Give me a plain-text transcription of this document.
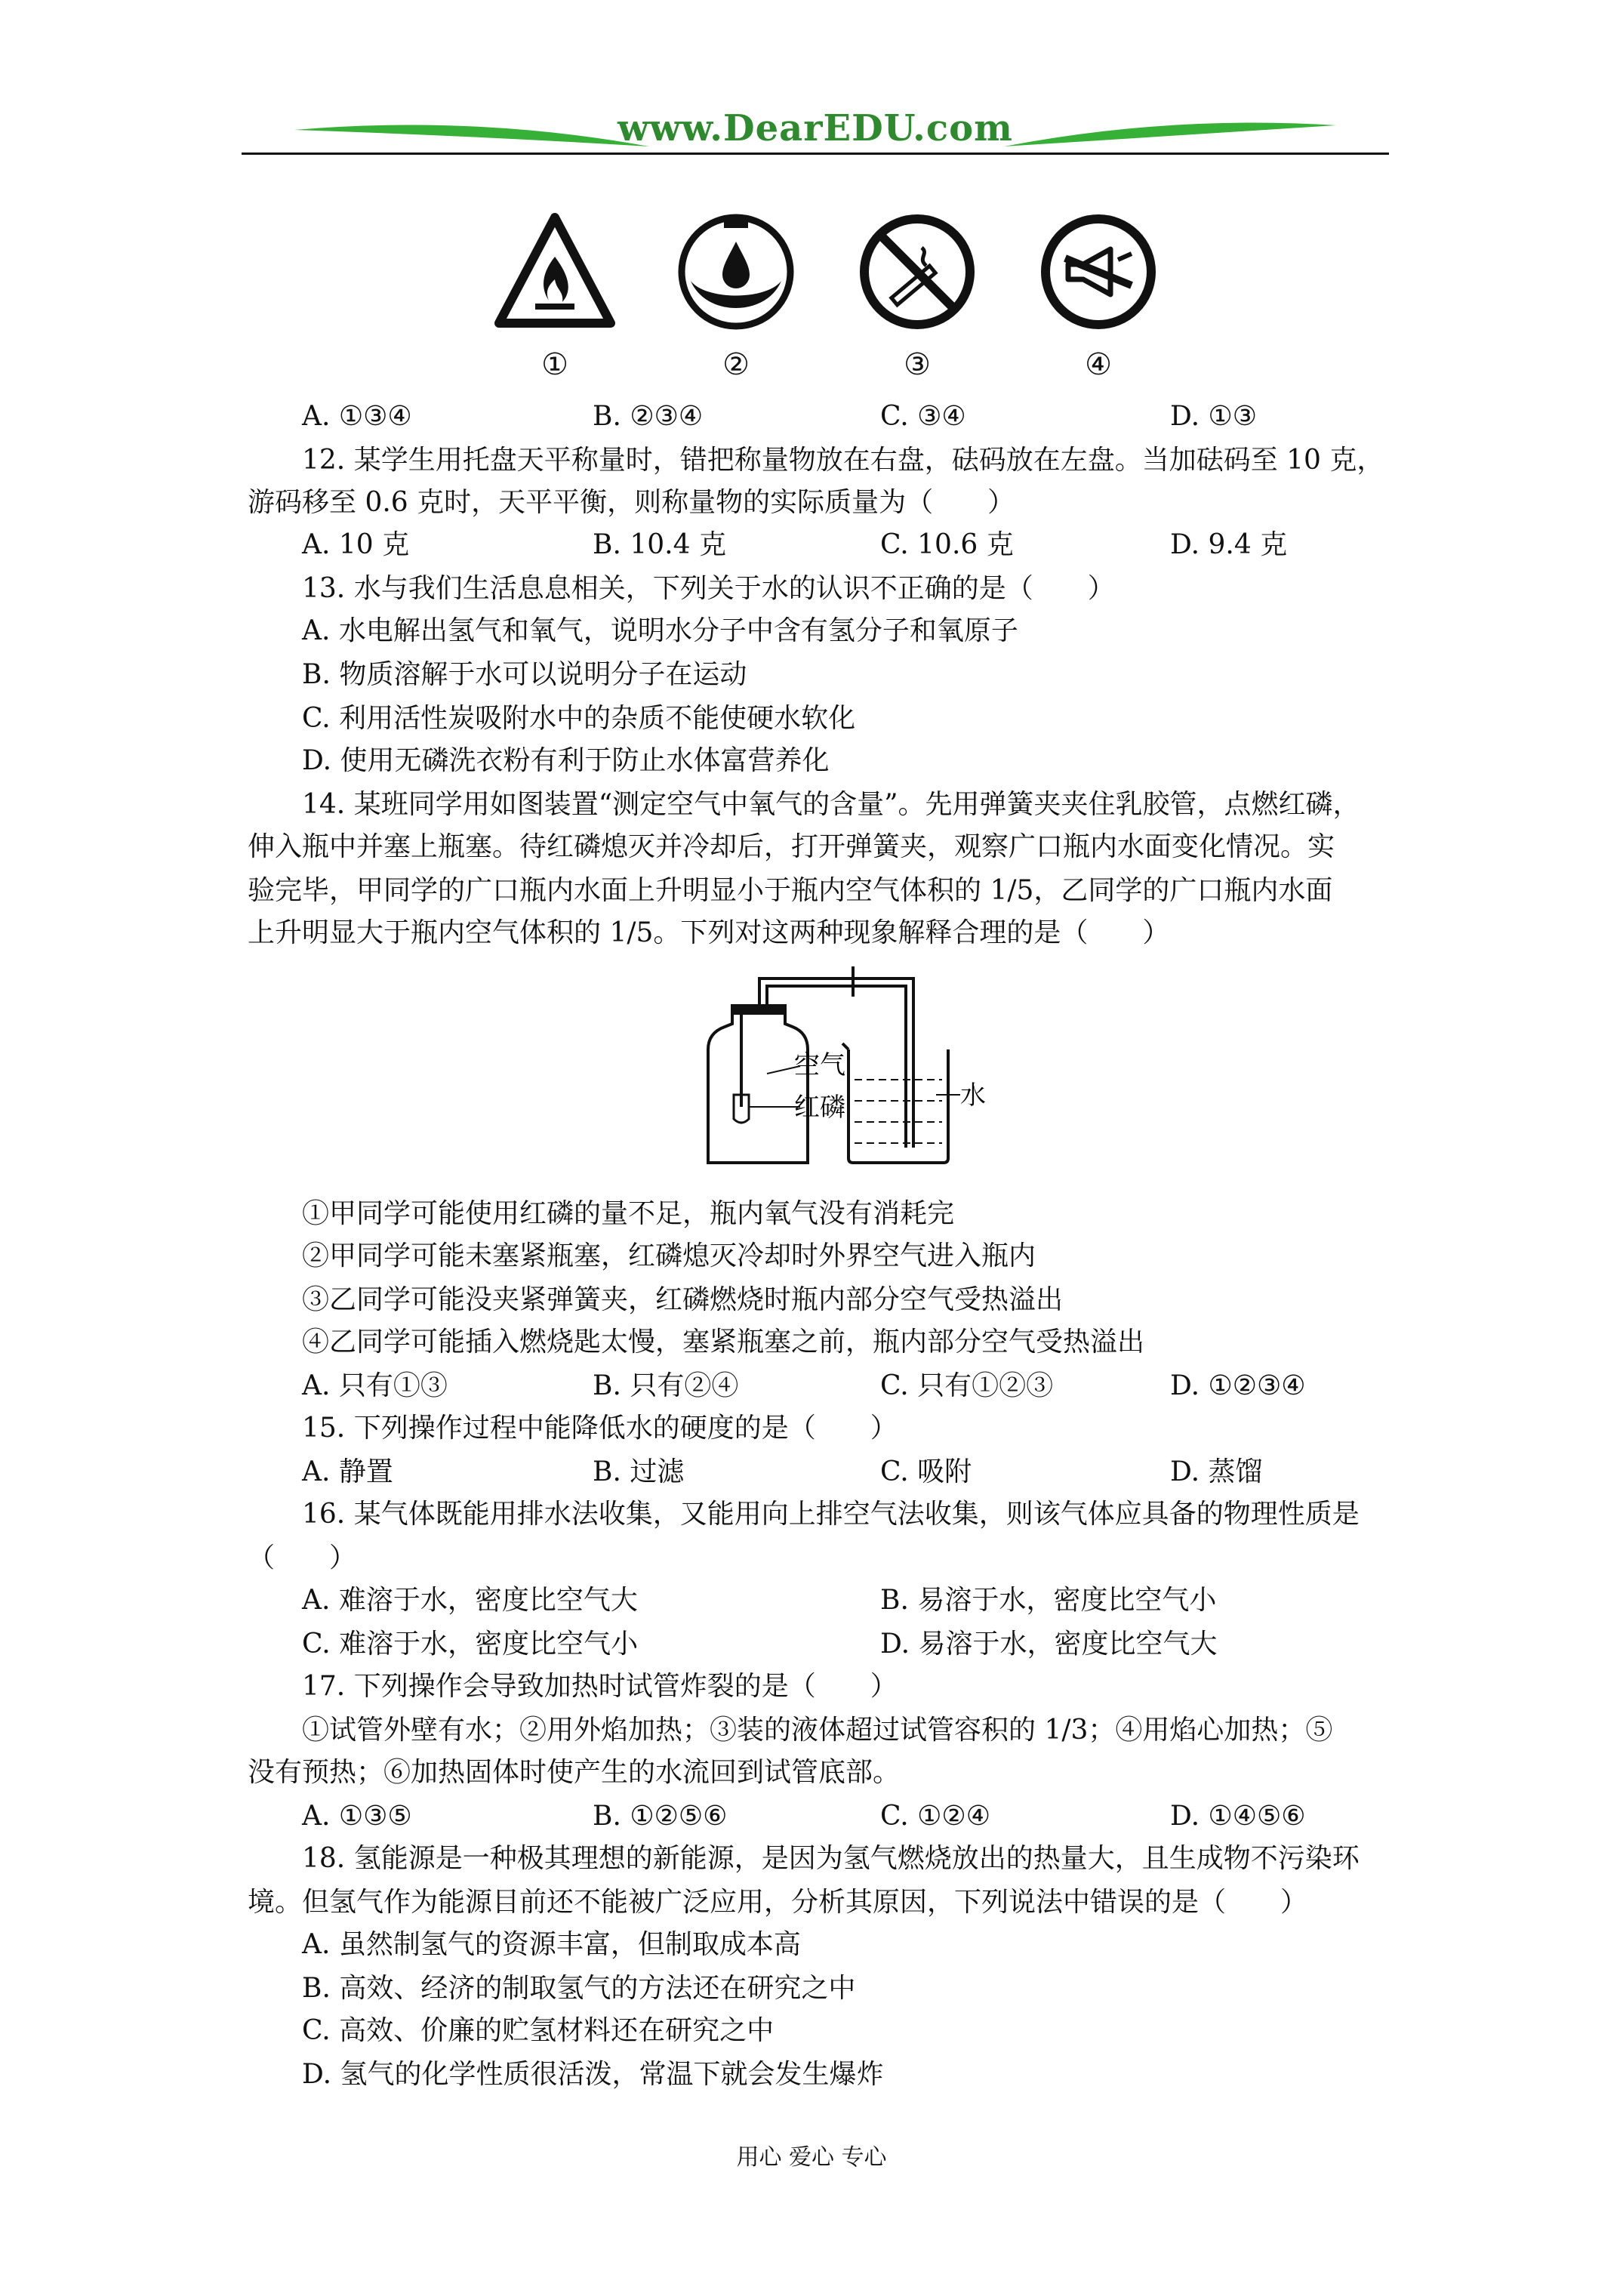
www.DearEDU.com
①	②	③	④
A. ①③④	B. ②③④	C. ③④	D. ①③
12. 某学生用托盘天平称量时，错把称量物放在右盘，砝码放在左盘。当加砝码至 10 克，
游码移至 0.6 克时，天平平衡，则称量物的实际质量为（　　）
A. 10 克	B. 10.4 克	C. 10.6 克	D. 9.4 克
13. 水与我们生活息息相关，下列关于水的认识不正确的是（　　）
A. 水电解出氢气和氧气，说明水分子中含有氢分子和氧原子
B. 物质溶解于水可以说明分子在运动
C. 利用活性炭吸附水中的杂质不能使硬水软化
D. 使用无磷洗衣粉有利于防止水体富营养化
14. 某班同学用如图装置“测定空气中氧气的含量”。先用弹簧夹夹住乳胶管，点燃红磷，
伸入瓶中并塞上瓶塞。待红磷熄灭并冷却后，打开弹簧夹，观察广口瓶内水面变化情况。实
验完毕，甲同学的广口瓶内水面上升明显小于瓶内空气体积的 1/5，乙同学的广口瓶内水面
上升明显大于瓶内空气体积的 1/5。下列对这两种现象解释合理的是（　　）
空气
红磷	水
①甲同学可能使用红磷的量不足，瓶内氧气没有消耗完
②甲同学可能未塞紧瓶塞，红磷熄灭冷却时外界空气进入瓶内
③乙同学可能没夹紧弹簧夹，红磷燃烧时瓶内部分空气受热溢出
④乙同学可能插入燃烧匙太慢，塞紧瓶塞之前，瓶内部分空气受热溢出
A. 只有①③	B. 只有②④	C. 只有①②③	D. ①②③④
15. 下列操作过程中能降低水的硬度的是（　　）
A. 静置	B. 过滤	C. 吸附	D. 蒸馏
16. 某气体既能用排水法收集，又能用向上排空气法收集，则该气体应具备的物理性质是
（　　）
A. 难溶于水，密度比空气大	B. 易溶于水，密度比空气小
C. 难溶于水，密度比空气小	D. 易溶于水，密度比空气大
17. 下列操作会导致加热时试管炸裂的是（　　）
①试管外壁有水；②用外焰加热；③装的液体超过试管容积的 1/3；④用焰心加热；⑤
没有预热；⑥加热固体时使产生的水流回到试管底部。
A. ①③⑤	B. ①②⑤⑥	C. ①②④	D. ①④⑤⑥
18. 氢能源是一种极其理想的新能源，是因为氢气燃烧放出的热量大，且生成物不污染环
境。但氢气作为能源目前还不能被广泛应用，分析其原因，下列说法中错误的是（　　）
A. 虽然制氢气的资源丰富，但制取成本高
B. 高效、经济的制取氢气的方法还在研究之中
C. 高效、价廉的贮氢材料还在研究之中
D. 氢气的化学性质很活泼，常温下就会发生爆炸
用心 爱心 专心
